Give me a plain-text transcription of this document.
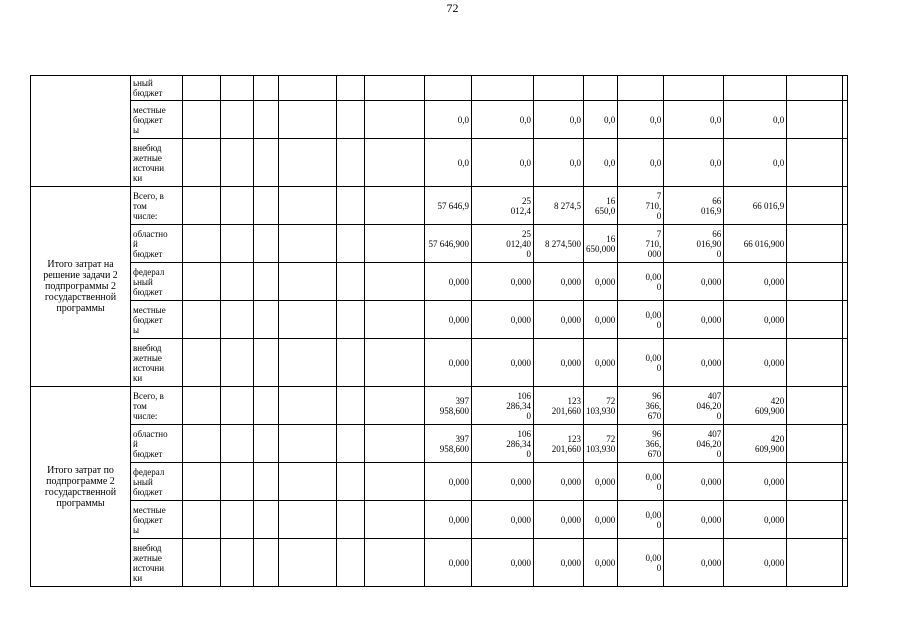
72
	ьный
бюджет															
	местные
бюджет
ы							0,0	0,0	0,0	0,0	0,0	0,0	0,0		
	внебюд
жетные
источни
ки							0,0	0,0	0,0	0,0	0,0	0,0	0,0		
Итого затрат на решение задачи 2 подпрограммы 2 государственной программы	Всего, в
том
числе:							57 646,9	25
012,4	8 274,5	16 650,0	7
710,
0	66
016,9	66 016,9		
	областно
й
бюджет							57 646,900	25
012,40
0	8 274,500	16
650,000	7
710,
000	66
016,90
0	66 016,900		
	федерал
ьный
бюджет							0,000	0,000	0,000	0,000	0,00
0	0,000	0,000		
	местные
бюджет
ы							0,000	0,000	0,000	0,000	0,00
0	0,000	0,000		
	внебюд
жетные
источни
ки							0,000	0,000	0,000	0,000	0,00
0	0,000	0,000		
Итого затрат по подпрограмме 2 государственной программы	Всего, в
том
числе:							397
958,600	106
286,34
0	123
201,660	72
103,930	96
366,
670	407
046,20
0	420
609,900		
	областно
й
бюджет							397
958,600	106
286,34
0	123
201,660	72
103,930	96
366,
670	407
046,20
0	420
609,900		
	федерал
ьный
бюджет							0,000	0,000	0,000	0,000	0,00
0	0,000	0,000		
	местные
бюджет
ы							0,000	0,000	0,000	0,000	0,00
0	0,000	0,000		
	внебюд
жетные
источни
ки							0,000	0,000	0,000	0,000	0,00
0	0,000	0,000		
